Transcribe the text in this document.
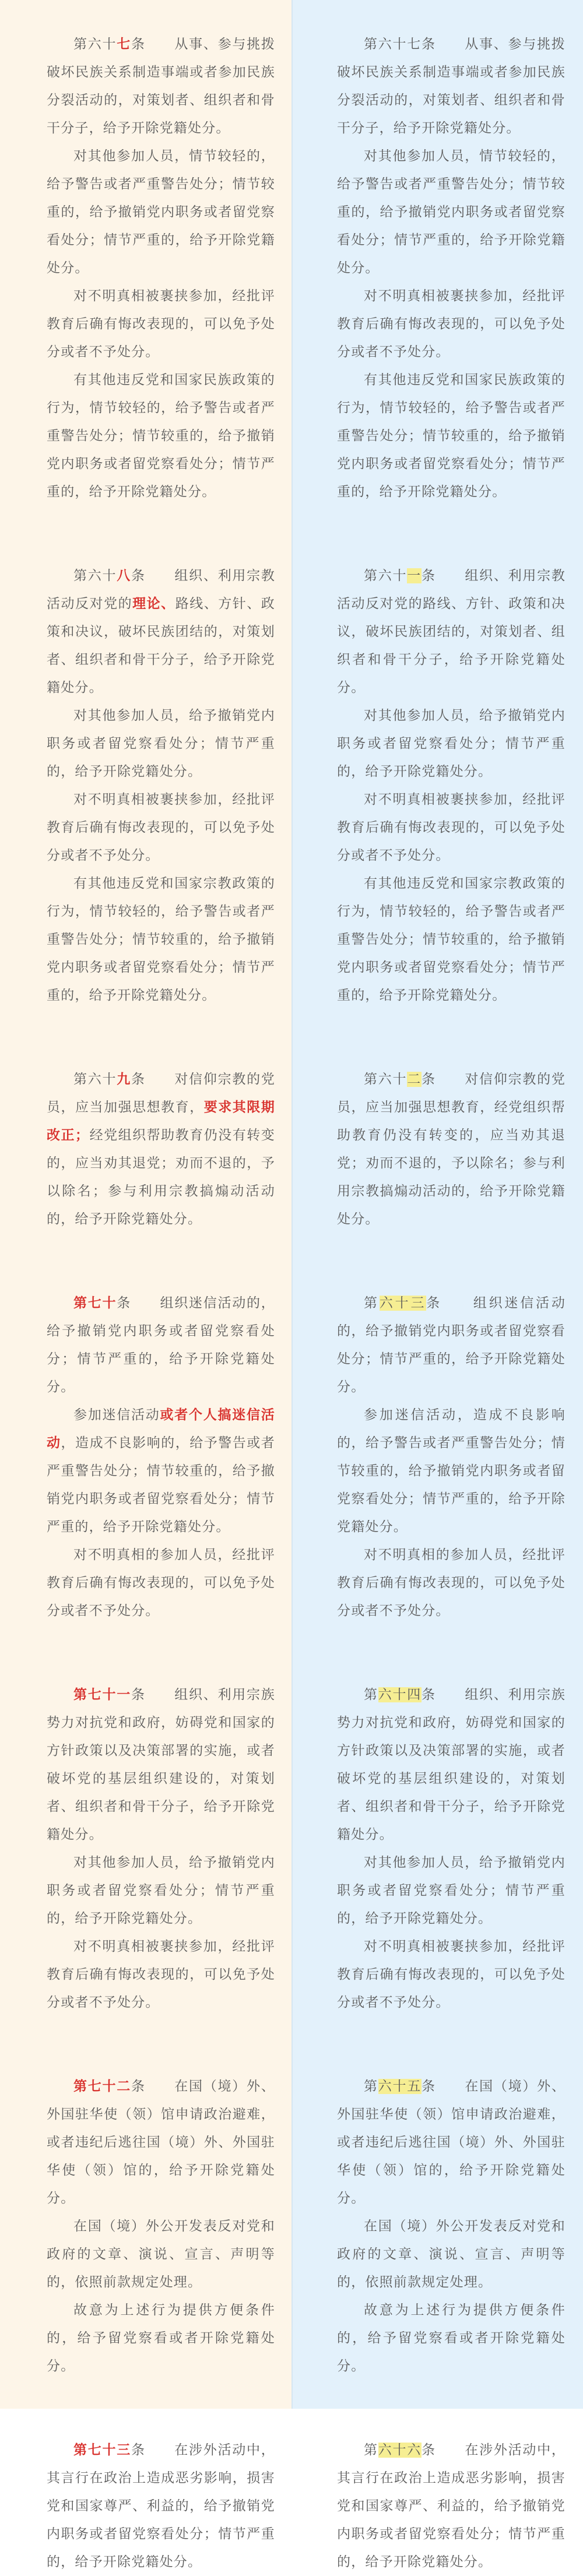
第六十七条　　 从事、参与挑拨破坏民族关系制造事端或者参加民族分裂活动的，对策划者、组织者和骨干分子，给予开除党籍处分。

对其他参加人员，情节较轻的，给予警告或者严重警告处分；情节较重的，给予撤销党内职务或者留党察看处分；情节严重的，给予开除党籍处分。

对不明真相被裹挟参加，经批评教育后确有悔改表现的，可以免予处分或者不予处分。

有其他违反党和国家民族政策的行为，情节较轻的，给予警告或者严重警告处分；情节较重的，给予撤销党内职务或者留党察看处分；情节严重的，给予开除党籍处分。

第六十八条　　 组织、利用宗教活动反对党的理论、路线、方针、政策和决议，破坏民族团结的，对策划者、组织者和骨干分子，给予开除党籍处分。

对其他参加人员，给予撤销党内职务或者留党察看处分；情节严重的，给予开除党籍处分。

对不明真相被裹挟参加，经批评教育后确有悔改表现的，可以免予处分或者不予处分。

有其他违反党和国家宗教政策的行为，情节较轻的，给予警告或者严重警告处分；情节较重的，给予撤销党内职务或者留党察看处分；情节严重的，给予开除党籍处分。

第六十九条　　 对信仰宗教的党员，应当加强思想教育，要求其限期改正；经党组织帮助教育仍没有转变的，应当劝其退党；劝而不退的，予以除名；参与利用宗教搞煽动活动的，给予开除党籍处分。

第七十条　　 组织迷信活动的，给予撤销党内职务或者留党察看处分；情节严重的，给予开除党籍处分。

参加迷信活动或者个人搞迷信活动，造成不良影响的，给予警告或者严重警告处分；情节较重的，给予撤销党内职务或者留党察看处分；情节严重的，给予开除党籍处分。

对不明真相的参加人员，经批评教育后确有悔改表现的，可以免予处分或者不予处分。

第七十一条　　 组织、利用宗族势力对抗党和政府，妨碍党和国家的方针政策以及决策部署的实施，或者破坏党的基层组织建设的，对策划者、组织者和骨干分子，给予开除党籍处分。

对其他参加人员，给予撤销党内职务或者留党察看处分；情节严重的，给予开除党籍处分。

对不明真相被裹挟参加，经批评教育后确有悔改表现的，可以免予处分或者不予处分。

第七十二条　　 在国（境）外、外国驻华使（领）馆申请政治避难，或者违纪后逃往国（境）外、外国驻华使（领）馆的，给予开除党籍处分。

在国（境）外公开发表反对党和政府的文章、演说、宣言、声明等的，依照前款规定处理。

故意为上述行为提供方便条件的，给予留党察看或者开除党籍处分。

第七十三条　　 在涉外活动中，其言行在政治上造成恶劣影响，损害党和国家尊严、利益的，给予撤销党内职务或者留党察看处分；情节严重的，给予开除党籍处分。

第六十七条　　 从事、参与挑拨破坏民族关系制造事端或者参加民族分裂活动的，对策划者、组织者和骨干分子，给予开除党籍处分。

对其他参加人员，情节较轻的，给予警告或者严重警告处分；情节较重的，给予撤销党内职务或者留党察看处分；情节严重的，给予开除党籍处分。

对不明真相被裹挟参加，经批评教育后确有悔改表现的，可以免予处分或者不予处分。

有其他违反党和国家民族政策的行为，情节较轻的，给予警告或者严重警告处分；情节较重的，给予撤销党内职务或者留党察看处分；情节严重的，给予开除党籍处分。

第六十一条　　 组织、利用宗教活动反对党的路线、方针、政策和决议，破坏民族团结的，对策划者、组织者和骨干分子，给予开除党籍处分。

对其他参加人员，给予撤销党内职务或者留党察看处分；情节严重的，给予开除党籍处分。

对不明真相被裹挟参加，经批评教育后确有悔改表现的，可以免予处分或者不予处分。

有其他违反党和国家宗教政策的行为，情节较轻的，给予警告或者严重警告处分；情节较重的，给予撤销党内职务或者留党察看处分；情节严重的，给予开除党籍处分。

第六十二条　　 对信仰宗教的党员，应当加强思想教育，经党组织帮助教育仍没有转变的，应当劝其退党；劝而不退的，予以除名；参与利用宗教搞煽动活动的，给予开除党籍处分。

第六十三条　　 组织迷信活动的，给予撤销党内职务或者留党察看处分；情节严重的，给予开除党籍处分。

参加迷信活动，造成不良影响的，给予警告或者严重警告处分；情节较重的，给予撤销党内职务或者留党察看处分；情节严重的，给予开除党籍处分。

对不明真相的参加人员，经批评教育后确有悔改表现的，可以免予处分或者不予处分。

第六十四条　　 组织、利用宗族势力对抗党和政府，妨碍党和国家的方针政策以及决策部署的实施，或者破坏党的基层组织建设的，对策划者、组织者和骨干分子，给予开除党籍处分。

对其他参加人员，给予撤销党内职务或者留党察看处分；情节严重的，给予开除党籍处分。

对不明真相被裹挟参加，经批评教育后确有悔改表现的，可以免予处分或者不予处分。

第六十五条　　 在国（境）外、外国驻华使（领）馆申请政治避难，或者违纪后逃往国（境）外、外国驻华使（领）馆的，给予开除党籍处分。

在国（境）外公开发表反对党和政府的文章、演说、宣言、声明等的，依照前款规定处理。

故意为上述行为提供方便条件的，给予留党察看或者开除党籍处分。

第六十六条　　 在涉外活动中，其言行在政治上造成恶劣影响，损害党和国家尊严、利益的，给予撤销党内职务或者留党察看处分；情节严重的，给予开除党籍处分。
